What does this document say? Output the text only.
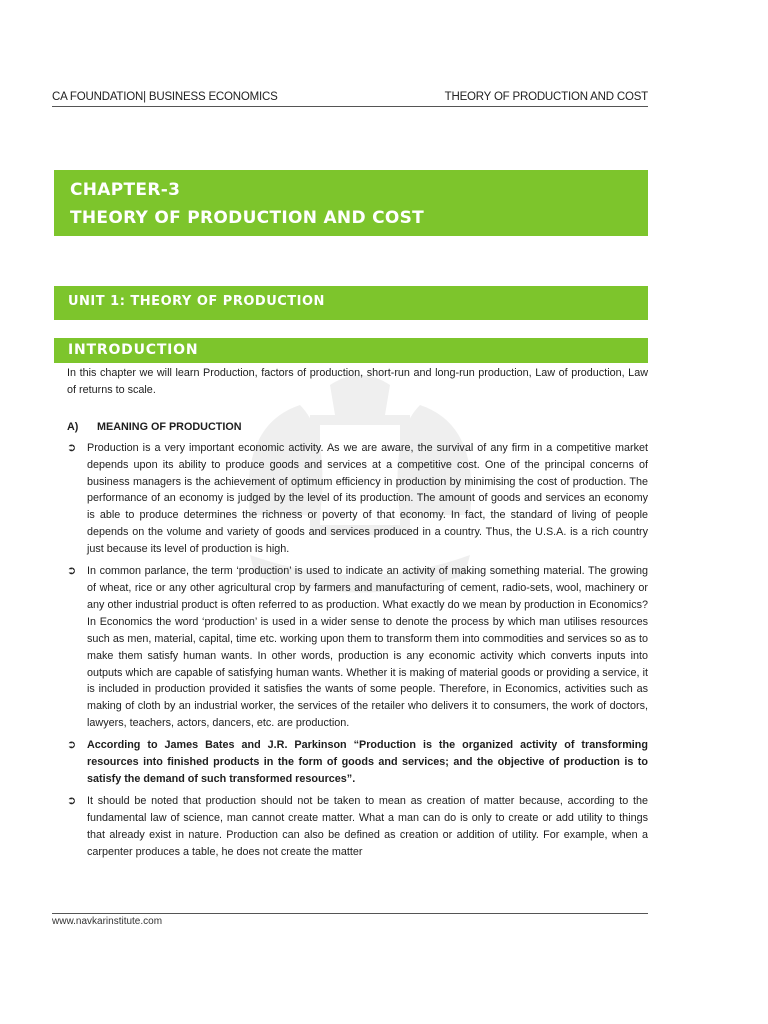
CA FOUNDATION| BUSINESS ECONOMICS	THEORY OF PRODUCTION AND COST
CHAPTER-3
THEORY OF PRODUCTION AND COST
UNIT 1: THEORY OF PRODUCTION
INTRODUCTION

In this chapter we will learn Production, factors of production, short-run and long-run production, Law of production, Law of returns to scale.

A)	MEANING OF PRODUCTION
➲ Production is a very important economic activity. As we are aware, the survival of any firm in a competitive market depends upon its ability to produce goods and services at a competitive cost. One of the principal concerns of business managers is the achievement of optimum efficiency in production by minimising the cost of production. The performance of an economy is judged by the level of its production. The amount of goods and services an economy is able to produce determines the richness or poverty of that economy. In fact, the standard of living of people depends on the volume and variety of goods and services produced in a country. Thus, the U.S.A. is a rich country just because its level of production is high.
➲ In common parlance, the term ‘production’ is used to indicate an activity of making something material. The growing of wheat, rice or any other agricultural crop by farmers and manufacturing of cement, radio-sets, wool, machinery or any other industrial product is often referred to as production. What exactly do we mean by production in Economics? In Economics the word ‘production’ is used in a wider sense to denote the process by which man utilises resources such as men, material, capital, time etc. working upon them to transform them into commodities and services so as to make them satisfy human wants. In other words, production is any economic activity which converts inputs into outputs which are capable of satisfying human wants. Whether it is making of material goods or providing a service, it is included in production provided it satisfies the wants of some people. Therefore, in Economics, activities such as making of cloth by an industrial worker, the services of the retailer who delivers it to consumers, the work of doctors, lawyers, teachers, actors, dancers, etc. are production.
➲ According to James Bates and J.R. Parkinson “Production is the organized activity of transforming resources into finished products in the form of goods and services; and the objective of production is to satisfy the demand of such transformed resources”.
➲ It should be noted that production should not be taken to mean as creation of matter because, according to the fundamental law of science, man cannot create matter. What a man can do is only to create or add utility to things that already exist in nature. Production can also be defined as creation or addition of utility. For example, when a carpenter produces a table, he does not create the matter
www.navkarinstitute.com
